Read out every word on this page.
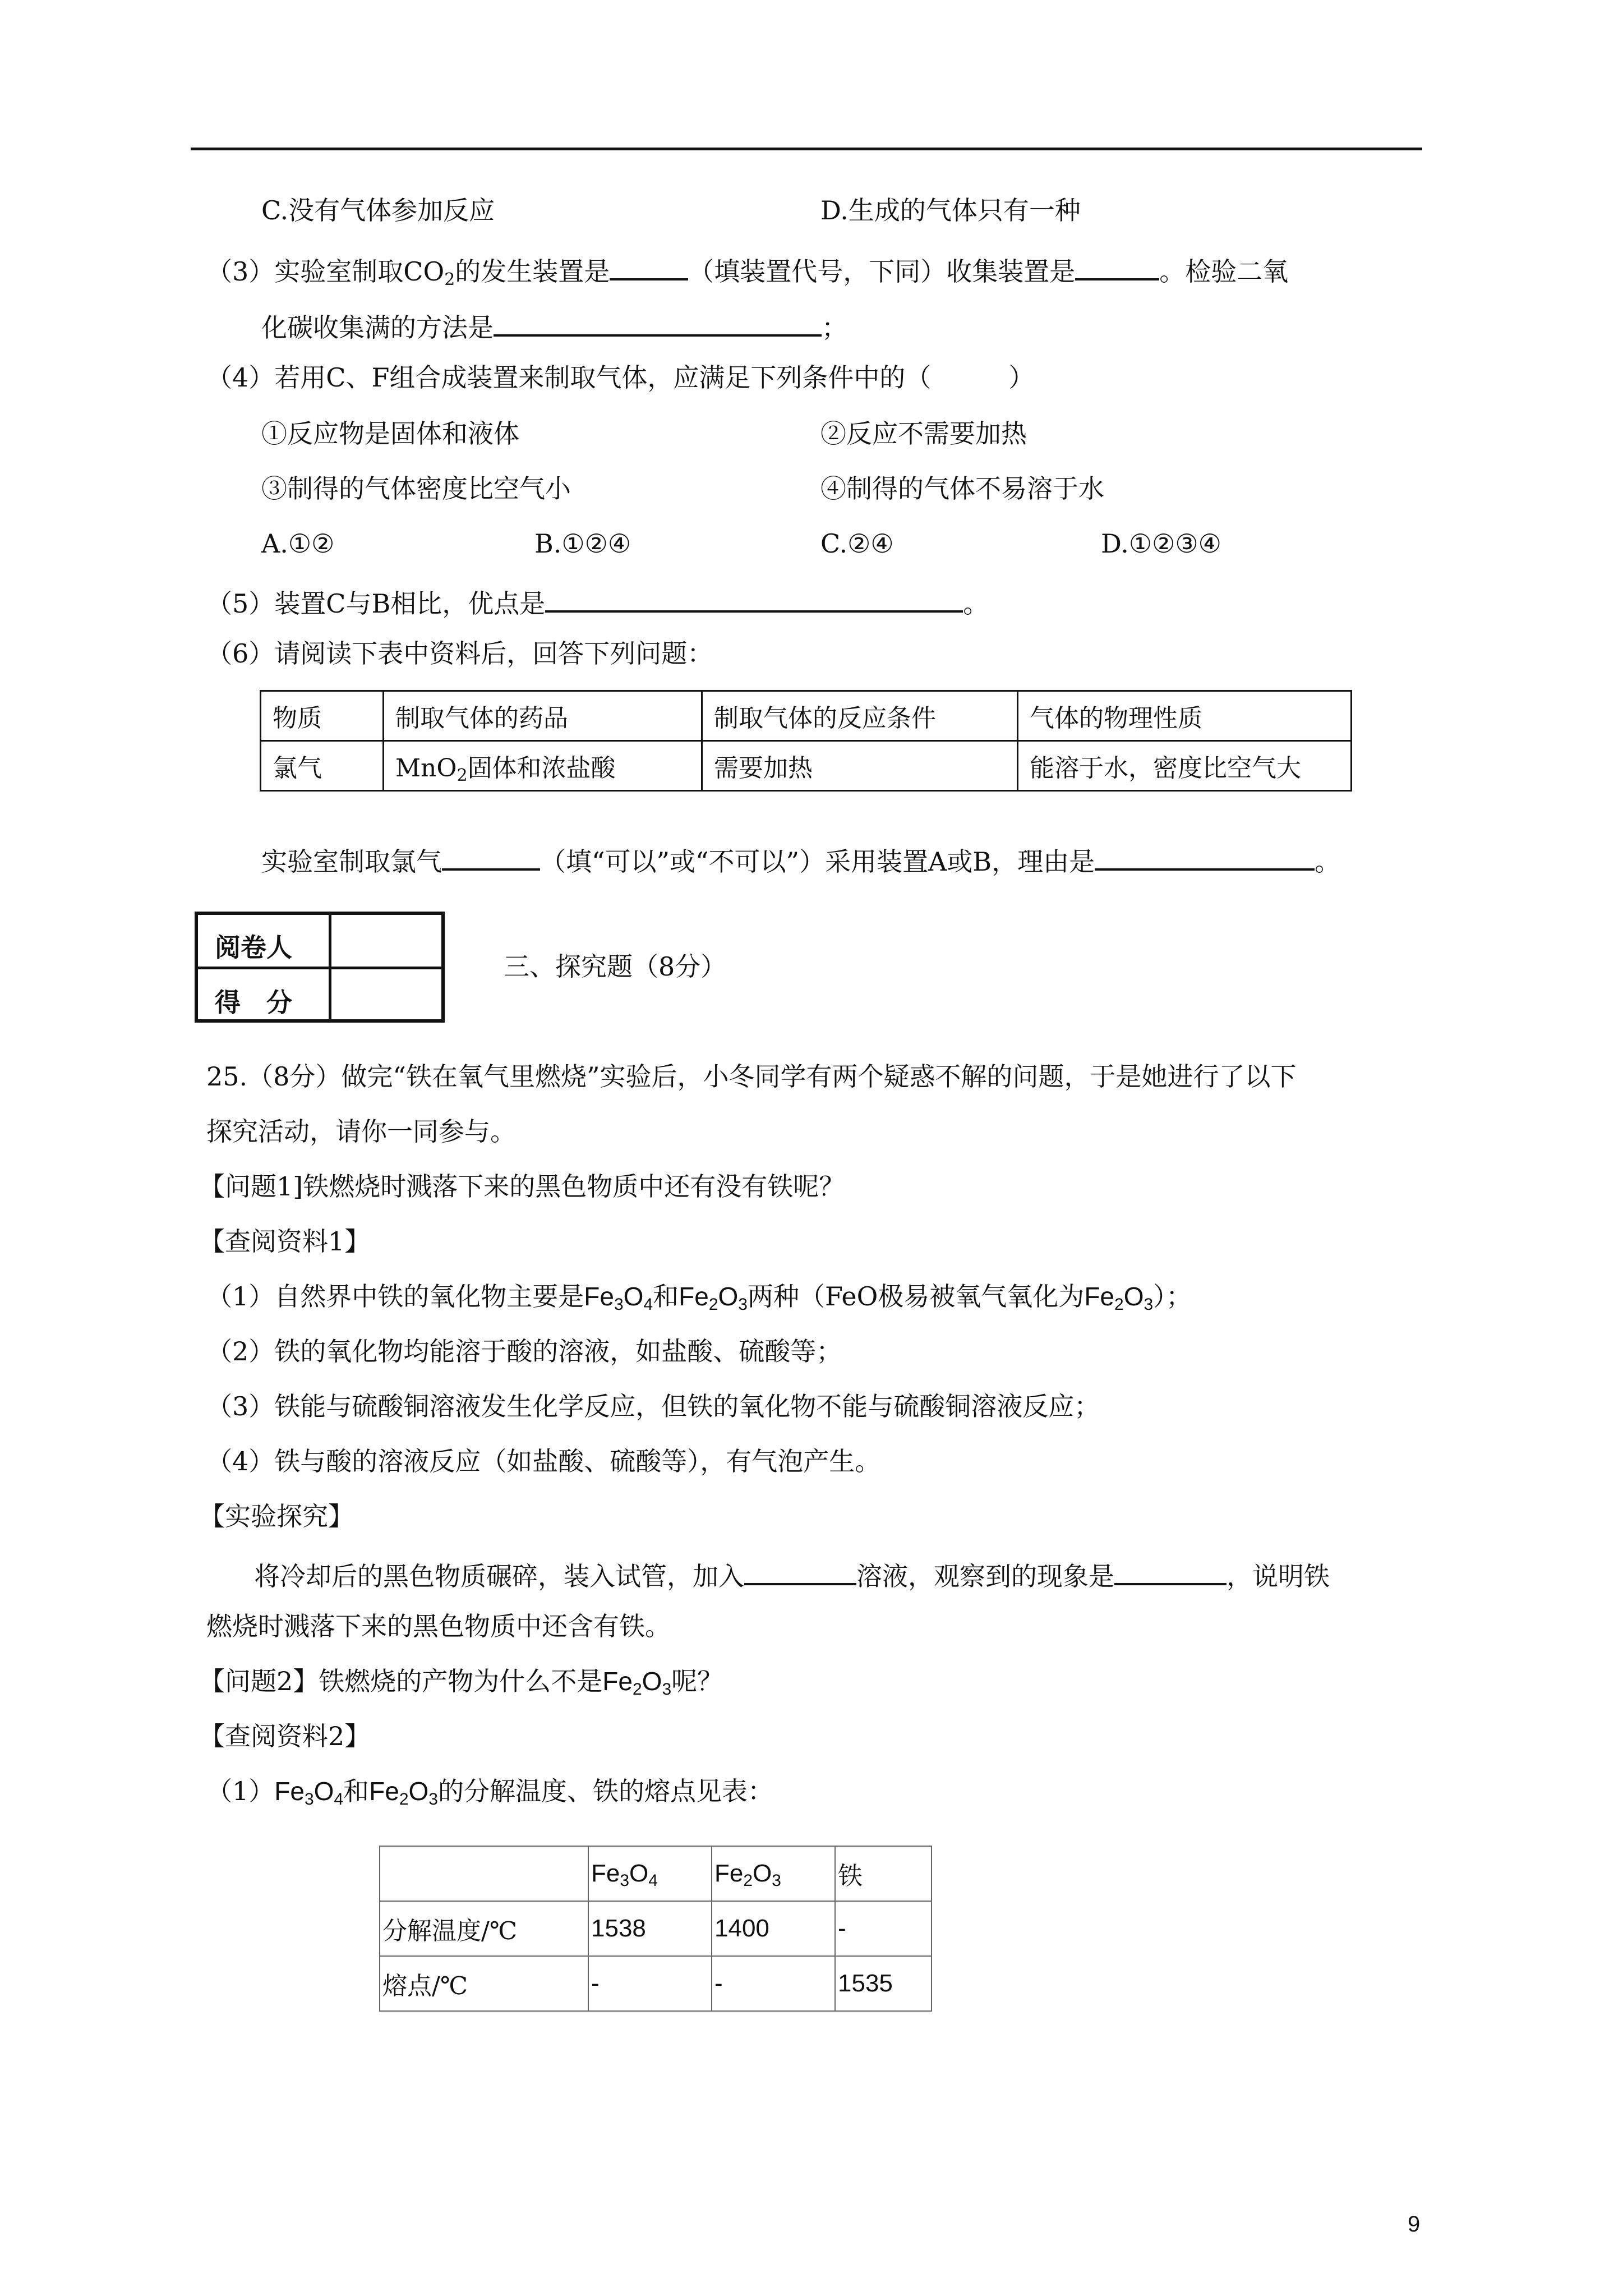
C.没有气体参加反应	D.生成的气体只有一种
（3）实验室制取$CO_2$的发生装置是	（填装置代号，下同）收集装置是	。检验二氧
化碳收集满的方法是	；
（4）若用C、F组合成装置来制取气体，应满足下列条件中的（　　　）
①反应物是固体和液体	②反应不需要加热
③制得的气体密度比空气小	④制得的气体不易溶于水
A.①②	B.①②④	C.②④	D.①②③④
（5）装置C与B相比，优点是	。
（6）请阅读下表中资料后，回答下列问题：
物质	制取气体的药品	制取气体的反应条件	气体的物理性质
氯气	MnO$_2$固体和浓盐酸	需要加热	能溶于水，密度比空气大
实验室制取氯气	（填“可以”或“不可以”）采用装置A或B，理由是	。
阅卷人
得　分
三、探究题（8分）
25.（8分）做完“铁在氧气里燃烧”实验后，小冬同学有两个疑惑不解的问题，于是她进行了以下
探究活动，请你一同参与。
【问题1]铁燃烧时溅落下来的黑色物质中还有没有铁呢？
【查阅资料1】
（1）自然界中铁的氧化物主要是$Fe_3O_4$和$Fe_2O_3$两种（FeO极易被氧气氧化为$Fe_2O_3$）；
（2）铁的氧化物均能溶于酸的溶液，如盐酸、硫酸等；
（3）铁能与硫酸铜溶液发生化学反应，但铁的氧化物不能与硫酸铜溶液反应；
（4）铁与酸的溶液反应（如盐酸、硫酸等），有气泡产生。
【实验探究】
将冷却后的黑色物质碾碎，装入试管，加入	溶液，观察到的现象是	，说明铁
燃烧时溅落下来的黑色物质中还含有铁。
【问题2】铁燃烧的产物为什么不是$Fe_2O_3$呢？
【查阅资料2】
$(1)Fe_3O_4$和$Fe_2O_3$的分解温度、铁的熔点见表：
	$Fe_3O_4$	$Fe_2O_3$	铁
分解温度/℃	1538	1400	-
熔点/℃	-	-	1535
9
